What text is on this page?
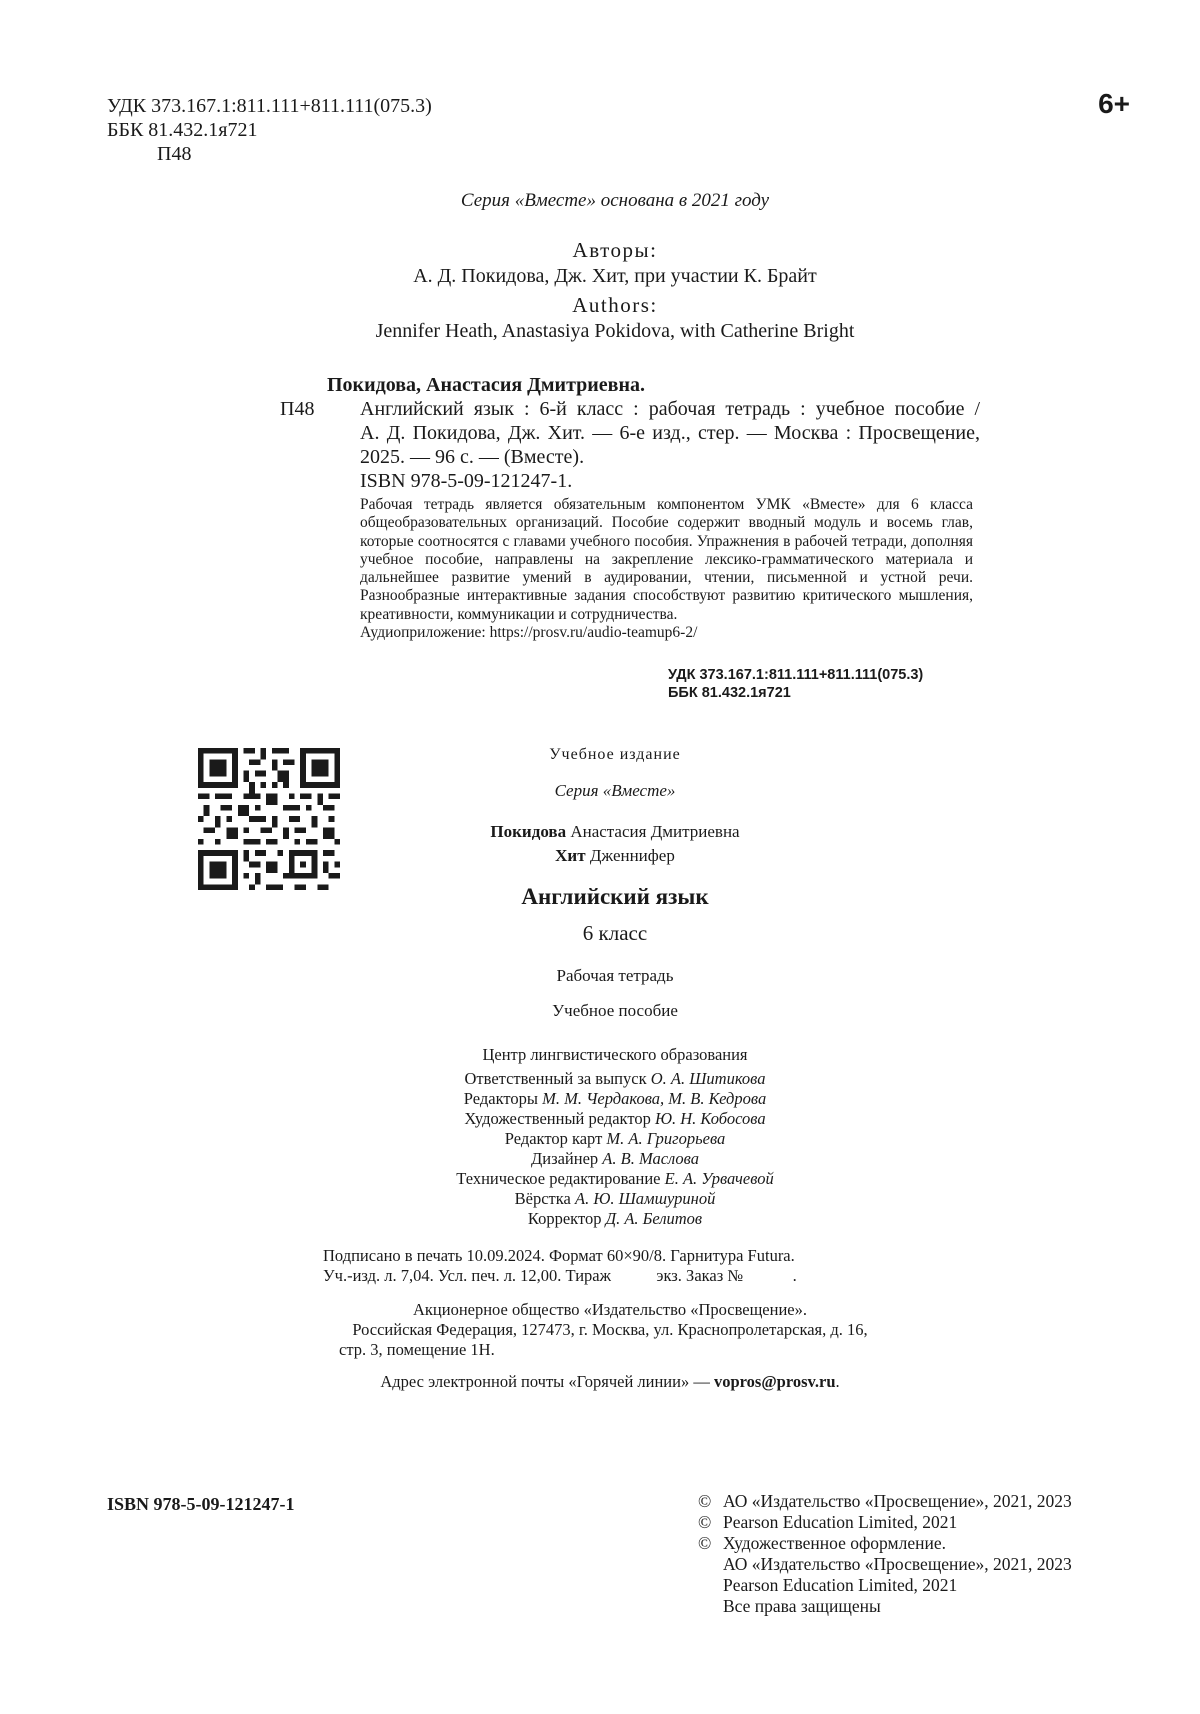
УДК 373.167.1:811.111+811.111(075.3)
ББК 81.432.1я721
П48
6+
Серия «Вместе» основана в 2021 году
Авторы:
А. Д. Покидова, Дж. Хит, при участии К. Брайт
Authors:
Jennifer Heath, Anastasiya Pokidova, with Catherine Bright
Покидова, Анастасия Дмитриевна.
П48 Английский язык : 6-й класс : рабочая тетрадь : учебное пособие /
А. Д. Покидова, Дж. Хит. — 6-е изд., стер. — Москва : Просвещение,
2025. — 96 с. — (Вместе).
ISBN 978-5-09-121247-1.

Рабочая тетрадь является обязательным компонентом УМК «Вместе» для 6 класса общеобразовательных организаций. Пособие содержит вводный модуль и восемь глав, которые соотносятся с главами учебного пособия. Упражнения в рабочей тетради, дополняя учебное пособие, направлены на закрепление лексико-грамматического материала и дальнейшее развитие умений в аудировании, чтении, письменной и устной речи. Разнообразные интерактивные задания способствуют развитию критического мышления, креативности, коммуникации и сотрудничества.

Аудиоприложение: https://prosv.ru/audio-teamup6-2/

УДК 373.167.1:811.111+811.111(075.3)
ББК 81.432.1я721
Учебное издание
Серия «Вместе»
Покидова Анастасия Дмитриевна
Хит Дженнифер
Английский язык
6 класс
Рабочая тетрадь
Учебное пособие
Центр лингвистического образования
Ответственный за выпуск О. А. Шитикова
Редакторы М. М. Чердакова, М. В. Кедрова
Художественный редактор Ю. Н. Кобосова
Редактор карт М. А. Григорьева
Дизайнер А. В. Маслова
Техническое редактирование Е. А. Урвачевой
Вёрстка А. Ю. Шамшуриной
Корректор Д. А. Белитов
Подписано в печать 10.09.2024. Формат 60×90/8. Гарнитура Futura.
Уч.-изд. л. 7,04. Усл. печ. л. 12,00. Тираж           экз. Заказ №            .
Акционерное общество «Издательство «Просвещение».
Российская Федерация, 127473, г. Москва, ул. Краснопролетарская, д. 16,
стр. 3, помещение 1Н.
Адрес электронной почты «Горячей линии» — vopros@prosv.ru.
ISBN 978-5-09-121247-1	© АО «Издательство «Просвещение», 2021, 2023
© Pearson Education Limited, 2021
© Художественное оформление.
АО «Издательство «Просвещение», 2021, 2023
Pearson Education Limited, 2021
Все права защищены
